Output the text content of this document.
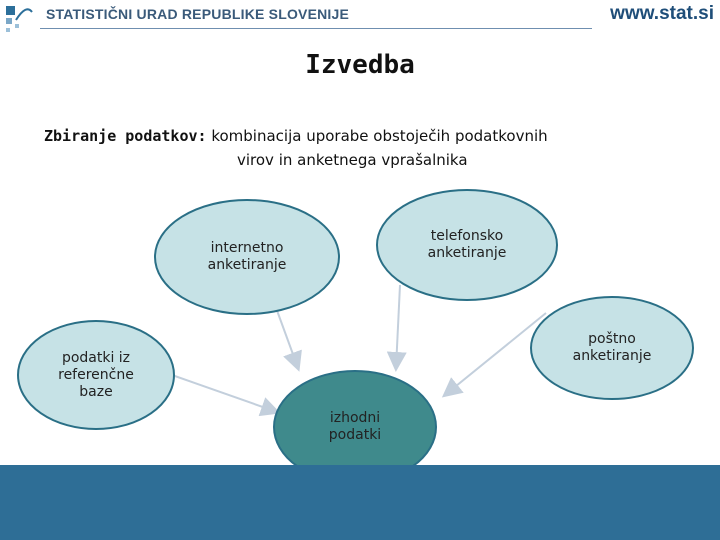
STATISTIČNI URAD REPUBLIKE SLOVENIJE	www.stat.si
Izvedba
Zbiranje podatkov: kombinacija uporabe obstoječih podatkovnih
virov in anketnega vprašalnika
internetno
anketiranje
telefonsko
anketiranje
poštno
anketiranje
podatki iz
referenčne
baze
izhodni
podatki
